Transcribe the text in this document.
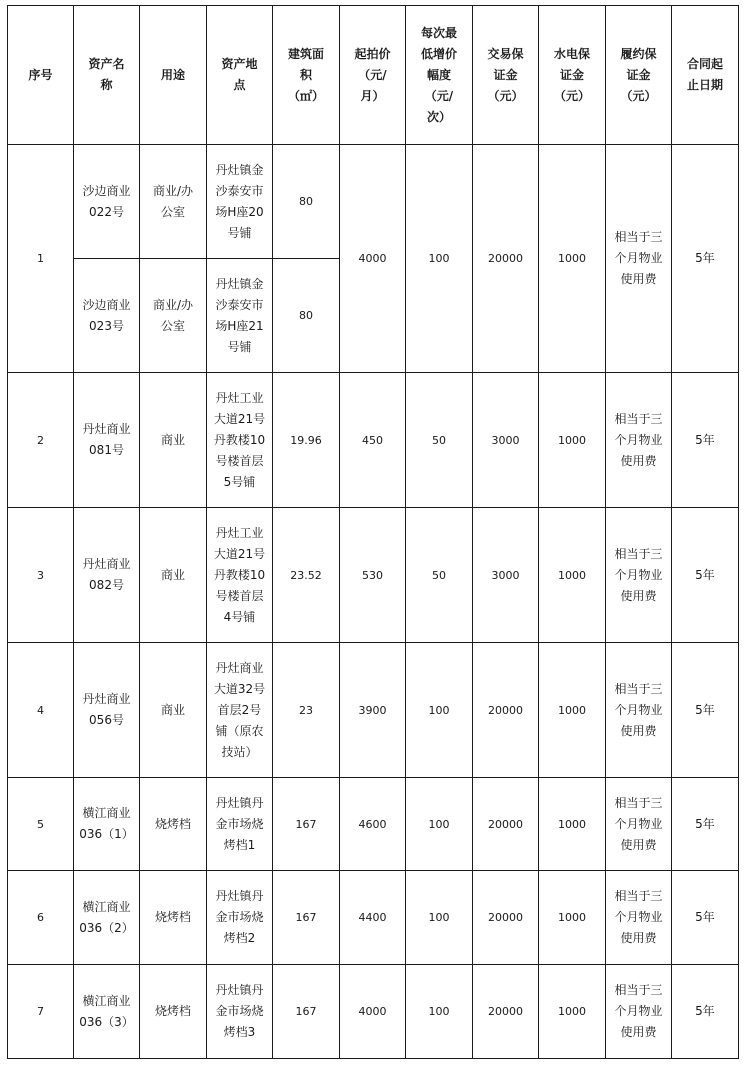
序号	资产名
称	用途	资产地
点	建筑面
积
（㎡）	起拍价
（元/
月）	每次最
低增价
幅度
（元/
次）	交易保
证金
（元）	水电保
证金
（元）	履约保
证金
（元）	合同起
止日期
1	沙边商业
022号	商业/办
公室	丹灶镇金
沙泰安市
场H座20
号铺	80	4000	100	20000	1000	相当于三
个月物业
使用费	5年
	沙边商业
023号	商业/办
公室	丹灶镇金
沙泰安市
场H座21
号铺	80						
2	丹灶商业
081号	商业	丹灶工业
大道21号
丹教楼10
号楼首层
5号铺	19.96	450	50	3000	1000	相当于三
个月物业
使用费	5年
3	丹灶商业
082号	商业	丹灶工业
大道21号
丹教楼10
号楼首层
4号铺	23.52	530	50	3000	1000	相当于三
个月物业
使用费	5年
4	丹灶商业
056号	商业	丹灶商业
大道32号
首层2号
铺（原农
技站）	23	3900	100	20000	1000	相当于三
个月物业
使用费	5年
5	横江商业
036（1）	烧烤档	丹灶镇丹
金市场烧
烤档1	167	4600	100	20000	1000	相当于三
个月物业
使用费	5年
6	横江商业
036（2）	烧烤档	丹灶镇丹
金市场烧
烤档2	167	4400	100	20000	1000	相当于三
个月物业
使用费	5年
7	横江商业
036（3）	烧烤档	丹灶镇丹
金市场烧
烤档3	167	4000	100	20000	1000	相当于三
个月物业
使用费	5年
